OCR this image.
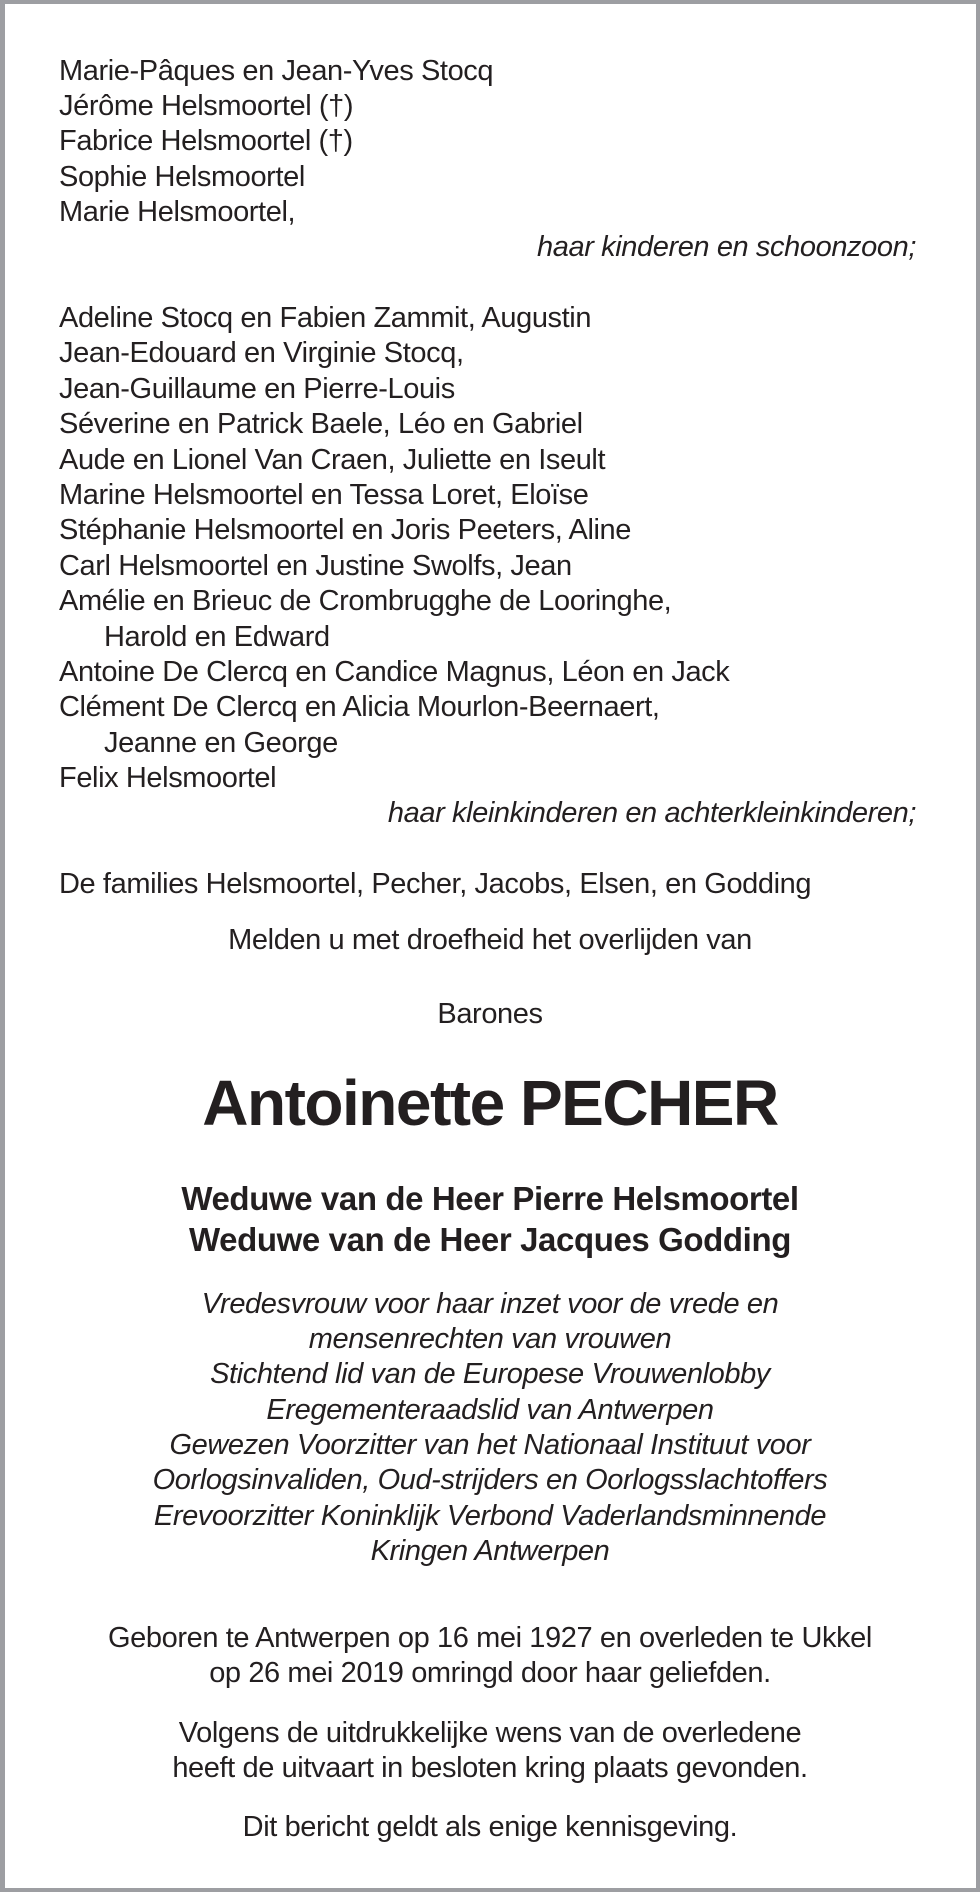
Marie-Pâques en Jean-Yves Stocq
Jérôme Helsmoortel (†)
Fabrice Helsmoortel (†)
Sophie Helsmoortel
Marie Helsmoortel,
haar kinderen en schoonzoon;
Adeline Stocq en Fabien Zammit, Augustin
Jean-Edouard en Virginie Stocq,
Jean-Guillaume en Pierre-Louis
Séverine en Patrick Baele, Léo en Gabriel
Aude en Lionel Van Craen, Juliette en Iseult
Marine Helsmoortel en Tessa Loret, Eloïse
Stéphanie Helsmoortel en Joris Peeters, Aline
Carl Helsmoortel en Justine Swolfs, Jean
Amélie en Brieuc de Crombrugghe de Looringhe,
Harold en Edward
Antoine De Clercq en Candice Magnus, Léon en Jack
Clément De Clercq en Alicia Mourlon-Beernaert,
Jeanne en George
Felix Helsmoortel
haar kleinkinderen en achterkleinkinderen;
De families Helsmoortel, Pecher, Jacobs, Elsen, en Godding
Melden u met droefheid het overlijden van
Barones
Antoinette PECHER
Weduwe van de Heer Pierre Helsmoortel
Weduwe van de Heer Jacques Godding
Vredesvrouw voor haar inzet voor de vrede en
mensenrechten van vrouwen
Stichtend lid van de Europese Vrouwenlobby
Eregementeraadslid van Antwerpen
Gewezen Voorzitter van het Nationaal Instituut voor
Oorlogsinvaliden, Oud-strijders en Oorlogsslachtoffers
Erevoorzitter Koninklijk Verbond Vaderlandsminnende
Kringen Antwerpen
Geboren te Antwerpen op 16 mei 1927 en overleden te Ukkel
op 26 mei 2019 omringd door haar geliefden.
Volgens de uitdrukkelijke wens van de overledene
heeft de uitvaart in besloten kring plaats gevonden.
Dit bericht geldt als enige kennisgeving.
